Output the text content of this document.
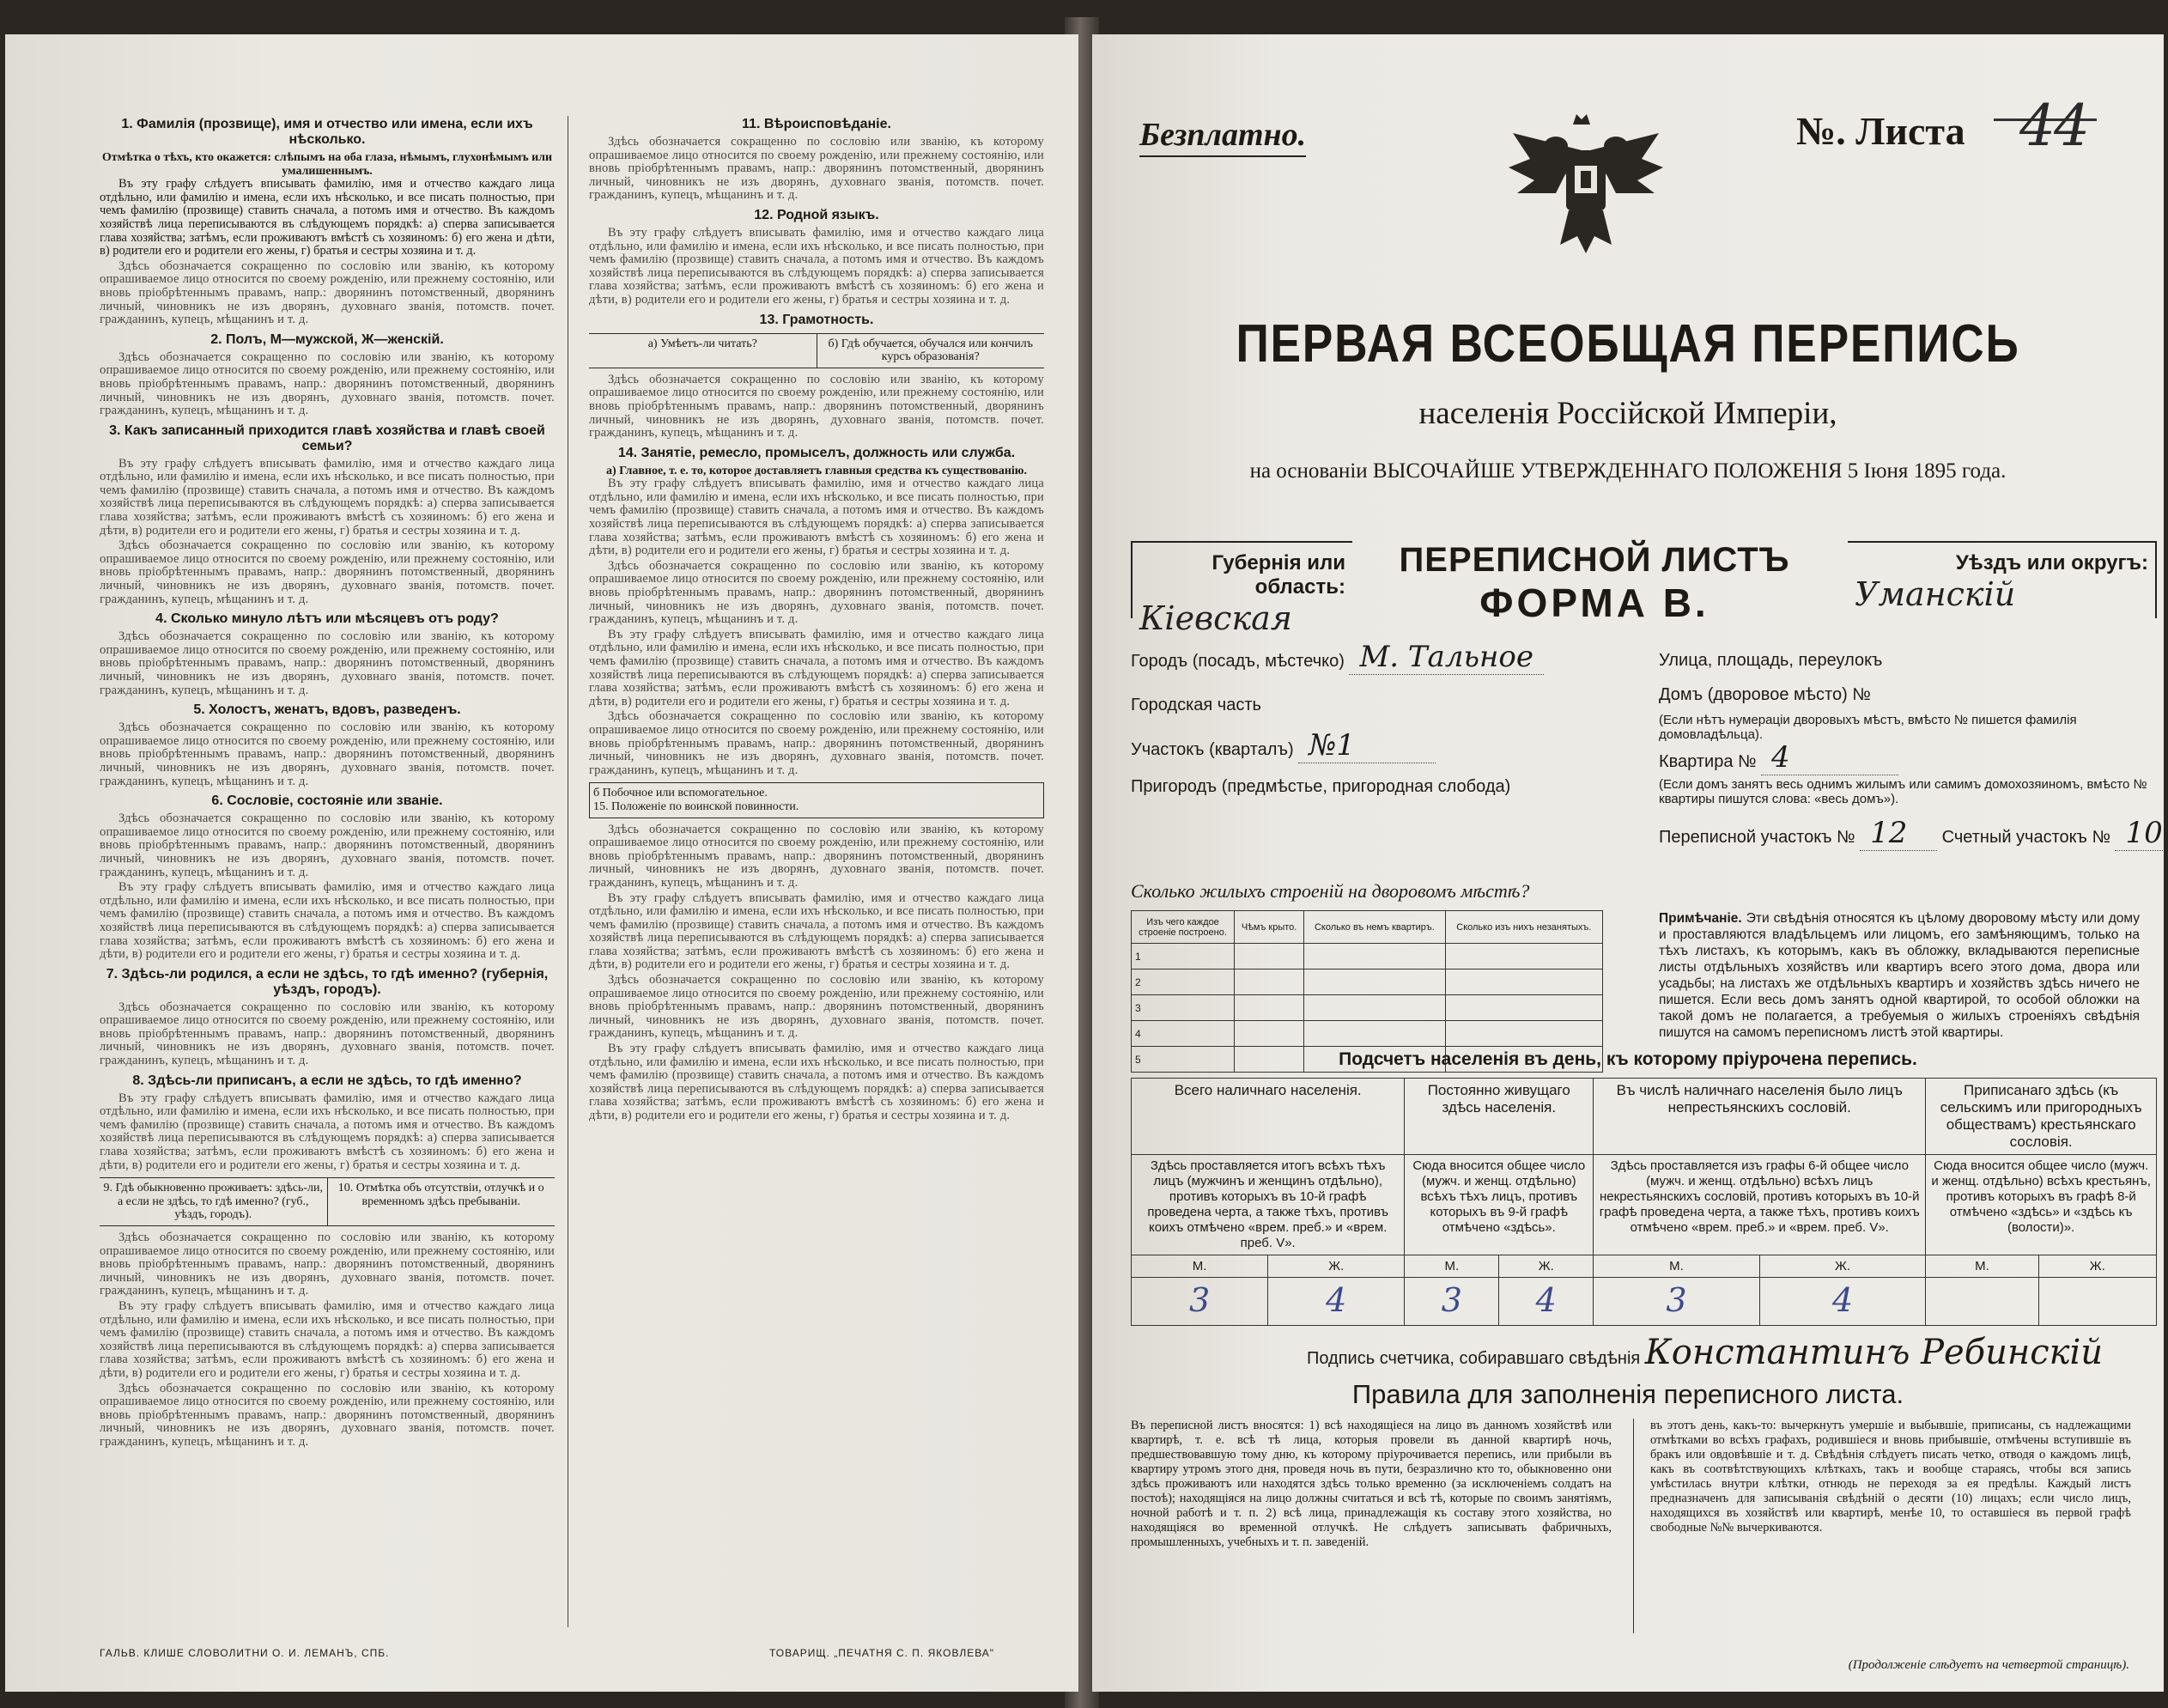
1. Фамилія (прозвище), имя и отчество или имена, если ихъ нѣсколько.
Отмѣтка о тѣхъ, кто окажется: слѣпымъ на оба глаза, нѣмымъ, глухонѣмымъ или умалишеннымъ.

Въ эту графу слѣдуетъ вписывать фамилію, имя и отчество каждаго лица отдѣльно, или фамилію и имена, если ихъ нѣсколько, и все писать полностью, при чемъ фамилію (прозвище) ставить сначала, а потомъ имя и отчество. Въ каждомъ хозяйствѣ лица переписываются въ слѣдующемъ порядкѣ: а) сперва записывается глава хозяйства; затѣмъ, если проживаютъ вмѣстѣ съ хозяиномъ: б) его жена и дѣти, в) родители его и родители его жены, г) братья и сестры хозяина и т. д.

Здѣсь обозначается сокращенно по сословію или званію, къ которому опрашиваемое лицо относится по своему рожденію, или прежнему состоянію, или вновь пріобрѣтеннымъ правамъ, напр.: дворянинъ потомственный, дворянинъ личный, чиновникъ не изъ дворянъ, духовнаго званія, потомств. почет. гражданинъ, купецъ, мѣщанинъ и т. д.

2. Полъ, М—мужской, Ж—женскій.

Здѣсь обозначается сокращенно по сословію или званію, къ которому опрашиваемое лицо относится по своему рожденію, или прежнему состоянію, или вновь пріобрѣтеннымъ правамъ, напр.: дворянинъ потомственный, дворянинъ личный, чиновникъ не изъ дворянъ, духовнаго званія, потомств. почет. гражданинъ, купецъ, мѣщанинъ и т. д.

3. Какъ записанный приходится главѣ хозяйства и главѣ своей семьи?

Въ эту графу слѣдуетъ вписывать фамилію, имя и отчество каждаго лица отдѣльно, или фамилію и имена, если ихъ нѣсколько, и все писать полностью, при чемъ фамилію (прозвище) ставить сначала, а потомъ имя и отчество. Въ каждомъ хозяйствѣ лица переписываются въ слѣдующемъ порядкѣ: а) сперва записывается глава хозяйства; затѣмъ, если проживаютъ вмѣстѣ съ хозяиномъ: б) его жена и дѣти, в) родители его и родители его жены, г) братья и сестры хозяина и т. д.

Здѣсь обозначается сокращенно по сословію или званію, къ которому опрашиваемое лицо относится по своему рожденію, или прежнему состоянію, или вновь пріобрѣтеннымъ правамъ, напр.: дворянинъ потомственный, дворянинъ личный, чиновникъ не изъ дворянъ, духовнаго званія, потомств. почет. гражданинъ, купецъ, мѣщанинъ и т. д.

4. Сколько минуло лѣтъ или мѣсяцевъ отъ роду?

Здѣсь обозначается сокращенно по сословію или званію, къ которому опрашиваемое лицо относится по своему рожденію, или прежнему состоянію, или вновь пріобрѣтеннымъ правамъ, напр.: дворянинъ потомственный, дворянинъ личный, чиновникъ не изъ дворянъ, духовнаго званія, потомств. почет. гражданинъ, купецъ, мѣщанинъ и т. д.

5. Холостъ, женатъ, вдовъ, разведенъ.

Здѣсь обозначается сокращенно по сословію или званію, къ которому опрашиваемое лицо относится по своему рожденію, или прежнему состоянію, или вновь пріобрѣтеннымъ правамъ, напр.: дворянинъ потомственный, дворянинъ личный, чиновникъ не изъ дворянъ, духовнаго званія, потомств. почет. гражданинъ, купецъ, мѣщанинъ и т. д.

6. Сословіе, состояніе или званіе.

Здѣсь обозначается сокращенно по сословію или званію, къ которому опрашиваемое лицо относится по своему рожденію, или прежнему состоянію, или вновь пріобрѣтеннымъ правамъ, напр.: дворянинъ потомственный, дворянинъ личный, чиновникъ не изъ дворянъ, духовнаго званія, потомств. почет. гражданинъ, купецъ, мѣщанинъ и т. д.

Въ эту графу слѣдуетъ вписывать фамилію, имя и отчество каждаго лица отдѣльно, или фамилію и имена, если ихъ нѣсколько, и все писать полностью, при чемъ фамилію (прозвище) ставить сначала, а потомъ имя и отчество. Въ каждомъ хозяйствѣ лица переписываются въ слѣдующемъ порядкѣ: а) сперва записывается глава хозяйства; затѣмъ, если проживаютъ вмѣстѣ съ хозяиномъ: б) его жена и дѣти, в) родители его и родители его жены, г) братья и сестры хозяина и т. д.

7. Здѣсь-ли родился, а если не здѣсь, то гдѣ именно? (губернія, уѣздъ, городъ).

Здѣсь обозначается сокращенно по сословію или званію, къ которому опрашиваемое лицо относится по своему рожденію, или прежнему состоянію, или вновь пріобрѣтеннымъ правамъ, напр.: дворянинъ потомственный, дворянинъ личный, чиновникъ не изъ дворянъ, духовнаго званія, потомств. почет. гражданинъ, купецъ, мѣщанинъ и т. д.

8. Здѣсь-ли приписанъ, а если не здѣсь, то гдѣ именно?

Въ эту графу слѣдуетъ вписывать фамилію, имя и отчество каждаго лица отдѣльно, или фамилію и имена, если ихъ нѣсколько, и все писать полностью, при чемъ фамилію (прозвище) ставить сначала, а потомъ имя и отчество. Въ каждомъ хозяйствѣ лица переписываются въ слѣдующемъ порядкѣ: а) сперва записывается глава хозяйства; затѣмъ, если проживаютъ вмѣстѣ съ хозяиномъ: б) его жена и дѣти, в) родители его и родители его жены, г) братья и сестры хозяина и т. д.

9. Гдѣ обыкновенно проживаетъ: здѣсь-ли, а если не здѣсь, то гдѣ именно? (губ., уѣздъ, городъ).
10. Отмѣтка объ отсутствіи, отлучкѣ и о временномъ здѣсь пребываніи.

Здѣсь обозначается сокращенно по сословію или званію, къ которому опрашиваемое лицо относится по своему рожденію, или прежнему состоянію, или вновь пріобрѣтеннымъ правамъ, напр.: дворянинъ потомственный, дворянинъ личный, чиновникъ не изъ дворянъ, духовнаго званія, потомств. почет. гражданинъ, купецъ, мѣщанинъ и т. д.

Въ эту графу слѣдуетъ вписывать фамилію, имя и отчество каждаго лица отдѣльно, или фамилію и имена, если ихъ нѣсколько, и все писать полностью, при чемъ фамилію (прозвище) ставить сначала, а потомъ имя и отчество. Въ каждомъ хозяйствѣ лица переписываются въ слѣдующемъ порядкѣ: а) сперва записывается глава хозяйства; затѣмъ, если проживаютъ вмѣстѣ съ хозяиномъ: б) его жена и дѣти, в) родители его и родители его жены, г) братья и сестры хозяина и т. д.

Здѣсь обозначается сокращенно по сословію или званію, къ которому опрашиваемое лицо относится по своему рожденію, или прежнему состоянію, или вновь пріобрѣтеннымъ правамъ, напр.: дворянинъ потомственный, дворянинъ личный, чиновникъ не изъ дворянъ, духовнаго званія, потомств. почет. гражданинъ, купецъ, мѣщанинъ и т. д.

11. Вѣроисповѣданіе.

Здѣсь обозначается сокращенно по сословію или званію, къ которому опрашиваемое лицо относится по своему рожденію, или прежнему состоянію, или вновь пріобрѣтеннымъ правамъ, напр.: дворянинъ потомственный, дворянинъ личный, чиновникъ не изъ дворянъ, духовнаго званія, потомств. почет. гражданинъ, купецъ, мѣщанинъ и т. д.

12. Родной языкъ.

Въ эту графу слѣдуетъ вписывать фамилію, имя и отчество каждаго лица отдѣльно, или фамилію и имена, если ихъ нѣсколько, и все писать полностью, при чемъ фамилію (прозвище) ставить сначала, а потомъ имя и отчество. Въ каждомъ хозяйствѣ лица переписываются въ слѣдующемъ порядкѣ: а) сперва записывается глава хозяйства; затѣмъ, если проживаютъ вмѣстѣ съ хозяиномъ: б) его жена и дѣти, в) родители его и родители его жены, г) братья и сестры хозяина и т. д.

13. Грамотность.
а) Умѣетъ-ли читать?	б) Гдѣ обучается, обучался или кончилъ курсъ образованія?

Здѣсь обозначается сокращенно по сословію или званію, къ которому опрашиваемое лицо относится по своему рожденію, или прежнему состоянію, или вновь пріобрѣтеннымъ правамъ, напр.: дворянинъ потомственный, дворянинъ личный, чиновникъ не изъ дворянъ, духовнаго званія, потомств. почет. гражданинъ, купецъ, мѣщанинъ и т. д.

14. Занятіе, ремесло, промыселъ, должность или служба.
а) Главное, т. е. то, которое доставляетъ главныя средства къ существованію.

Въ эту графу слѣдуетъ вписывать фамилію, имя и отчество каждаго лица отдѣльно, или фамилію и имена, если ихъ нѣсколько, и все писать полностью, при чемъ фамилію (прозвище) ставить сначала, а потомъ имя и отчество. Въ каждомъ хозяйствѣ лица переписываются въ слѣдующемъ порядкѣ: а) сперва записывается глава хозяйства; затѣмъ, если проживаютъ вмѣстѣ съ хозяиномъ: б) его жена и дѣти, в) родители его и родители его жены, г) братья и сестры хозяина и т. д.

Здѣсь обозначается сокращенно по сословію или званію, къ которому опрашиваемое лицо относится по своему рожденію, или прежнему состоянію, или вновь пріобрѣтеннымъ правамъ, напр.: дворянинъ потомственный, дворянинъ личный, чиновникъ не изъ дворянъ, духовнаго званія, потомств. почет. гражданинъ, купецъ, мѣщанинъ и т. д.

Въ эту графу слѣдуетъ вписывать фамилію, имя и отчество каждаго лица отдѣльно, или фамилію и имена, если ихъ нѣсколько, и все писать полностью, при чемъ фамилію (прозвище) ставить сначала, а потомъ имя и отчество. Въ каждомъ хозяйствѣ лица переписываются въ слѣдующемъ порядкѣ: а) сперва записывается глава хозяйства; затѣмъ, если проживаютъ вмѣстѣ съ хозяиномъ: б) его жена и дѣти, в) родители его и родители его жены, г) братья и сестры хозяина и т. д.

Здѣсь обозначается сокращенно по сословію или званію, къ которому опрашиваемое лицо относится по своему рожденію, или прежнему состоянію, или вновь пріобрѣтеннымъ правамъ, напр.: дворянинъ потомственный, дворянинъ личный, чиновникъ не изъ дворянъ, духовнаго званія, потомств. почет. гражданинъ, купецъ, мѣщанинъ и т. д.

б Побочное или вспомогательное.
15. Положеніе по воинской повинности.

Здѣсь обозначается сокращенно по сословію или званію, къ которому опрашиваемое лицо относится по своему рожденію, или прежнему состоянію, или вновь пріобрѣтеннымъ правамъ, напр.: дворянинъ потомственный, дворянинъ личный, чиновникъ не изъ дворянъ, духовнаго званія, потомств. почет. гражданинъ, купецъ, мѣщанинъ и т. д.

Въ эту графу слѣдуетъ вписывать фамилію, имя и отчество каждаго лица отдѣльно, или фамилію и имена, если ихъ нѣсколько, и все писать полностью, при чемъ фамилію (прозвище) ставить сначала, а потомъ имя и отчество. Въ каждомъ хозяйствѣ лица переписываются въ слѣдующемъ порядкѣ: а) сперва записывается глава хозяйства; затѣмъ, если проживаютъ вмѣстѣ съ хозяиномъ: б) его жена и дѣти, в) родители его и родители его жены, г) братья и сестры хозяина и т. д.

Здѣсь обозначается сокращенно по сословію или званію, къ которому опрашиваемое лицо относится по своему рожденію, или прежнему состоянію, или вновь пріобрѣтеннымъ правамъ, напр.: дворянинъ потомственный, дворянинъ личный, чиновникъ не изъ дворянъ, духовнаго званія, потомств. почет. гражданинъ, купецъ, мѣщанинъ и т. д.

Въ эту графу слѣдуетъ вписывать фамилію, имя и отчество каждаго лица отдѣльно, или фамилію и имена, если ихъ нѣсколько, и все писать полностью, при чемъ фамилію (прозвище) ставить сначала, а потомъ имя и отчество. Въ каждомъ хозяйствѣ лица переписываются въ слѣдующемъ порядкѣ: а) сперва записывается глава хозяйства; затѣмъ, если проживаютъ вмѣстѣ съ хозяиномъ: б) его жена и дѣти, в) родители его и родители его жены, г) братья и сестры хозяина и т. д.

ГАЛЬВ. КЛИШЕ СЛОВОЛИТНИ О. И. ЛЕМАНЪ, СПБ.	ТОВАРИЩ. „ПЕЧАТНЯ С. П. ЯКОВЛЕВА"
Безплатно.	№. Листа 44
ПЕРВАЯ ВСЕОБЩАЯ ПЕРЕПИСЬ
населенія Россійской Имперіи,
на основаніи ВЫСОЧАЙШЕ УТВЕРЖДЕННАГО ПОЛОЖЕНІЯ 5 Іюня 1895 года.
Губернія или область:
Кіевская
ПЕРЕПИСНОЙ ЛИСТЪ
ФОРМА В.
Уѣздъ или округъ:
Уманскій
Городъ (посадъ, мѣстечко) М. Тальное	Улица, площадь, переулокъ
Городская часть
Домъ (дворовое мѣсто) №
(Если нѣтъ нумераціи дворовыхъ мѣстъ, вмѣсто № пишется фамилія домовладѣльца).
Участокъ (кварталъ) №1	Квартира № 4
Пригородъ (предмѣстье, пригородная слобода)	(Если домъ занятъ весь однимъ жилымъ или самимъ домохозяиномъ, вмѣсто № квартиры пишутся слова: «весь домъ»).
Переписной участокъ № 12 Счетный участокъ № 10
Сколько жилыхъ строеній на дворовомъ мѣстѣ?
Изъ чего каждое строеніе построено.	Чѣмъ крыто.	Сколько въ немъ квартиръ.	Сколько изъ нихъ незанятыхъ.
1			
2			
3			
4			
5			
Примѣчаніе. Эти свѣдѣнія относятся къ цѣлому дворовому мѣсту или дому и проставляются владѣльцемъ или лицомъ, его замѣняющимъ, только на тѣхъ листахъ, къ которымъ, какъ въ обложку, вкладываются переписные листы отдѣльныхъ хозяйствъ или квартиръ всего этого дома, двора или усадьбы; на листахъ же отдѣльныхъ квартиръ и хозяйствъ здѣсь ничего не пишется. Если весь домъ занятъ одной квартирой, то особой обложки на такой домъ не полагается, а требуемыя о жилыхъ строеніяхъ свѣдѣнія пишутся на самомъ переписномъ листѣ этой квартиры.
Подсчетъ населенія въ день, къ которому пріурочена перепись.
Всего наличнаго населенія.		Постоянно живущаго здѣсь населенія.		Въ числѣ наличнаго населенія было лицъ непрестьянскихъ сословій.		Приписанаго здѣсь (къ сельскимъ или пригородныхъ обществамъ) крестьянскаго сословія.	
Здѣсь проставляется итогъ всѣхъ тѣхъ лицъ (мужчинъ и женщинъ отдѣльно), противъ которыхъ въ 10-й графѣ проведена черта, а также тѣхъ, противъ коихъ отмѣчено «врем. преб.» и «врем. преб. V».		Сюда вносится общее число (мужч. и женщ. отдѣльно) всѣхъ тѣхъ лицъ, противъ которыхъ въ 9-й графѣ отмѣчено «здѣсь».		Здѣсь проставляется изъ графы 6-й общее число (мужч. и женщ. отдѣльно) всѣхъ лицъ некрестьянскихъ сословій, противъ которыхъ въ 10-й графѣ проведена черта, а также тѣхъ, противъ коихъ отмѣчено «врем. преб.» и «врем. преб. V».		Сюда вносится общее число (мужч. и женщ. отдѣльно) всѣхъ крестьянъ, противъ которыхъ въ графѣ 8-й отмѣчено «здѣсь» и «здѣсь къ (волости)».	
М.	Ж.	М.	Ж.	М.	Ж.	М.	Ж.
3	4	3	4	3	4		
Подпись счетчика, собиравшаго свѣдѣнія Константинъ Ребинскій
Правила для заполненія переписного листа.
Въ переписной листъ вносятся: 1) всѣ находящіеся на лицо въ данномъ хозяйствѣ или квартирѣ, т. е. всѣ тѣ лица, которыя провели въ данной квартирѣ ночь, предшествовавшую тому дню, къ которому пріурочивается перепись, или прибыли въ квартиру утромъ этого дня, проведя ночь въ пути, безразлично кто то, обыкновенно они здѣсь проживаютъ или находятся здѣсь только временно (за исключеніемъ солдатъ на постоѣ); находящіяся на лицо должны считаться и всѣ тѣ, которые по своимъ занятіямъ, ночной работѣ и т. п. 2) всѣ лица, принадлежащія къ составу этого хозяйства, но находящіяся во временной отлучкѣ. Не слѣдуетъ записывать фабричныхъ, промышленныхъ, учебныхъ и т. п. заведеній.
въ этотъ день, какъ-то: вычеркнутъ умершіе и выбывшіе, приписаны, съ надлежащими отмѣтками во всѣхъ графахъ, родившіеся и вновь прибывшіе, отмѣчены вступившіе въ бракъ или овдовѣвшіе и т. д. Свѣдѣнія слѣдуетъ писать четко, отводя о каждомъ лицѣ, какъ въ соотвѣтствующихъ клѣткахъ, такъ и вообще стараясь, чтобы вся запись умѣстилась внутри клѣтки, отнюдь не переходя за ея предѣлы. Каждый листъ предназначенъ для записыванія свѣдѣній о десяти (10) лицахъ; если число лицъ, находящихся въ хозяйствѣ или квартирѣ, менѣе 10, то оставшіеся въ первой графѣ свободные №№ вычеркиваются.
(Продолженіе слѣдуетъ на четвертой страницѣ).
